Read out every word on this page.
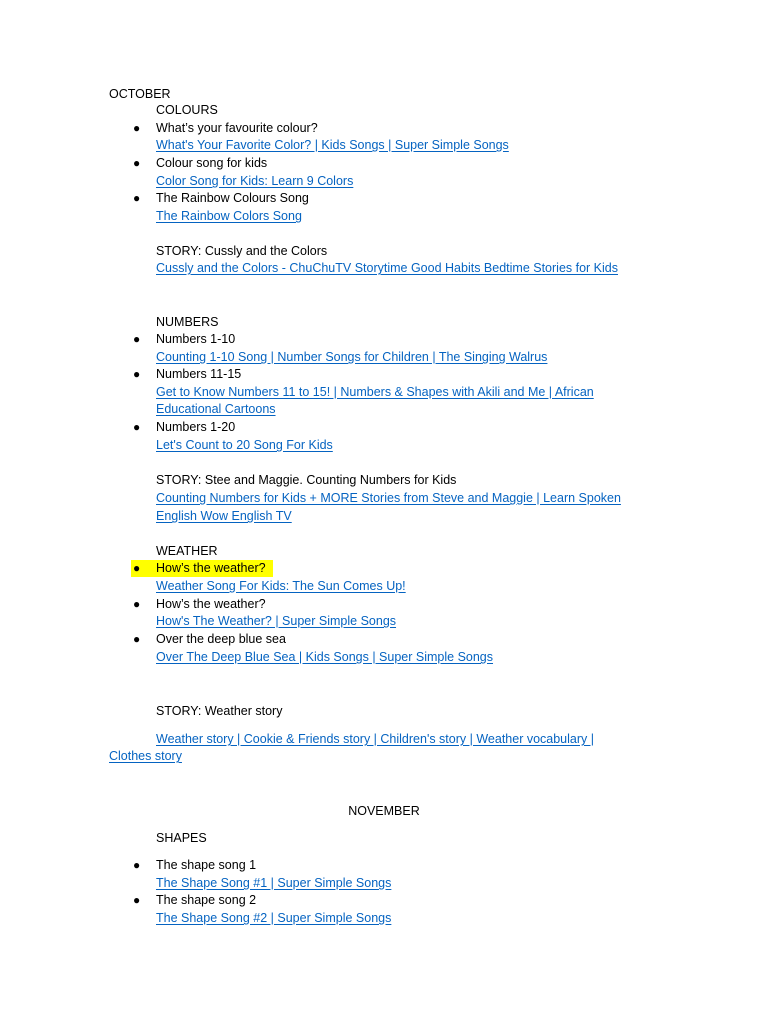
OCTOBER
COLOURS
● What’s your favourite colour?
What's Your Favorite Color? | Kids Songs | Super Simple Songs
● Colour song for kids
Color Song for Kids: Learn 9 Colors
● The Rainbow Colours Song
The Rainbow Colors Song
STORY: Cussly and the Colors
Cussly and the Colors - ChuChuTV Storytime Good Habits Bedtime Stories for Kids
NUMBERS
● Numbers 1-10
Counting 1-10 Song | Number Songs for Children | The Singing Walrus
● Numbers 11-15
Get to Know Numbers 11 to 15! | Numbers & Shapes with Akili and Me | African
Educational Cartoons
● Numbers 1-20
Let's Count to 20 Song For Kids
STORY: Stee and Maggie. Counting Numbers for Kids
Counting Numbers for Kids + MORE Stories from Steve and Maggie | Learn Spoken
English Wow English TV
WEATHER
● How’s the weather?
Weather Song For Kids: The Sun Comes Up!
● How’s the weather?
How's The Weather? | Super Simple Songs
● Over the deep blue sea
Over The Deep Blue Sea | Kids Songs | Super Simple Songs
STORY: Weather story
Weather story | Cookie & Friends story | Children's story | Weather vocabulary |
Clothes story
NOVEMBER
SHAPES
● The shape song 1
The Shape Song #1 | Super Simple Songs
● The shape song 2
The Shape Song #2 | Super Simple Songs
